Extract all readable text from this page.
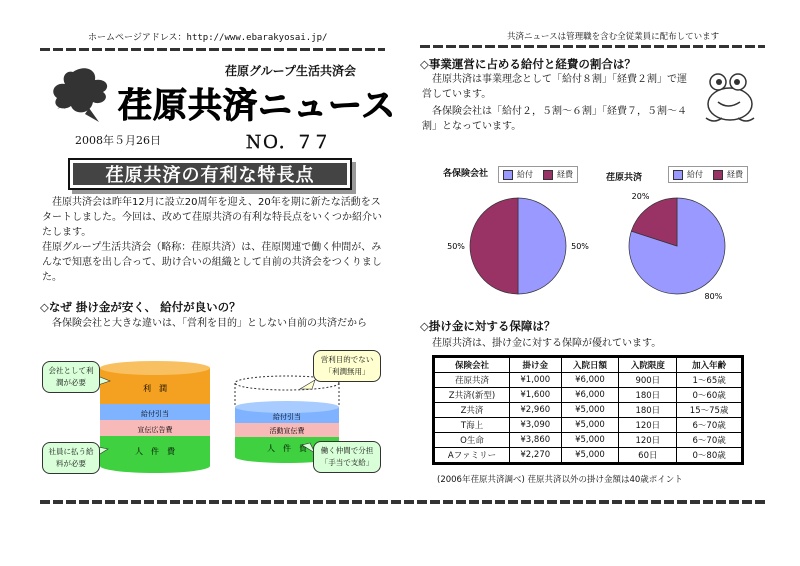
ホームページアドレス：http://www.ebarakyosai.jp/
共
荏原グループ生活共済会
荏原共済ニュース
2008年５月26日	ＮＯ．７７
荏原共済の有利な特長点
荏原共済会は昨年12月に設立20周年を迎え、20年を期に新たな活動をスタートしました。今回は、改めて荏原共済の有利な特長点をいくつか紹介いたします。
荏原グループ生活共済会（略称：荏原共済）は、荏原関連で働く仲間が、みんなで知恵を出し合って、助け合いの組織として自前の共済会をつくりました。
◇なぜ 掛け金が安く、 給付が良いの？
各保険会社と大きな違いは、「営利を目的」としない自前の共済だから
利　潤
給付引当
宣伝広告費
人　件　費
給付引当
活動宣伝費
人　件　費
会社として利潤が必要
社員に払う給料が必要
営利目的でない「利潤無用」
働く仲間で分担「手当で支給」
共済ニュースは管理職を含む全従業員に配布しています
◇事業運営に占める給付と経費の割合は？
荏原共済は事業理念として「給付８割」「経費２割」で運営しています。
各保険会社は「給付２，５割～６割」「経費７，５割～４割」となっています。
各保険会社	給付	経費	荏原共済	給付	経費
50%
50%
80%
20%
◇掛け金に対する保障は？
荏原共済は、掛け金に対する保障が優れています。
保険会社	掛け金	入院日額	入院限度	加入年齢
荏原共済	¥1,000	¥6,000	900日	1〜65歳
Z共済(新型)	¥1,600	¥6,000	180日	0〜60歳
Z共済	¥2,960	¥5,000	180日	15〜75歳
T海上	¥3,090	¥5,000	120日	6〜70歳
O生命	¥3,860	¥5,000	120日	6〜70歳
Aファミリー	¥2,270	¥5,000	60日	0〜80歳
(2006年荏原共済調べ) 荏原共済以外の掛け金額は40歳ポイント
